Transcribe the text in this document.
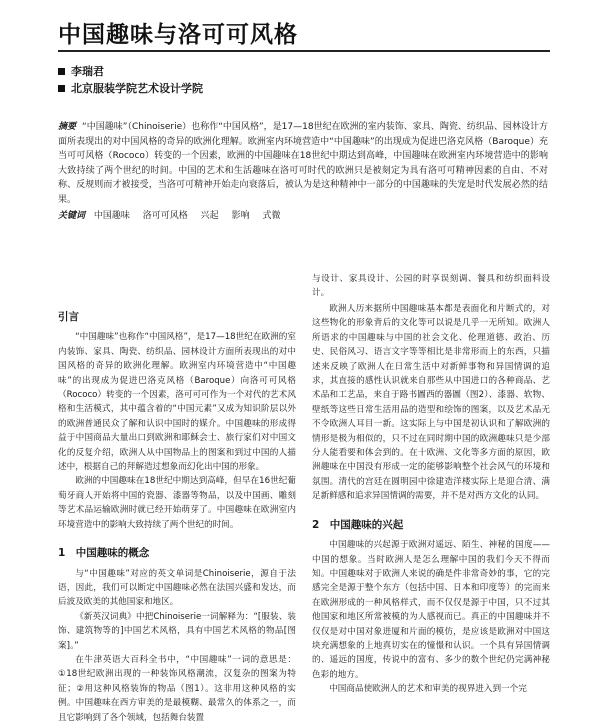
中国趣味与洛可可风格
李瑞君
北京服装学院艺术设计学院
摘要 “中国趣味”（Chinoiserie）也称作“中国风格”，是17—18世纪在欧洲的室内装饰、家具、陶瓷、纺织品、园林设计方面所表现出的对中国风格的奇异的欧洲化理解。欧洲室内环境营造中“中国趣味”的出现成为促进巴洛克风格（Baroque）充当可可风格（Rococo）转变的一个因素，欧洲的中国趣味在18世纪中期达到高峰，中国趣味在欧洲室内环境营造中的影响大致持续了两个世纪的时间。中国的艺术和生活趣味在洛可可时代的欧洲只是被刻定为具有洛可可精神因素的自由、不对称、反规则而才被接受，当洛可可精神开始走向衰落后，被认为是这种精神中一部分的中国趣味的失宠是时代发展必然的结果。
关键词 中国趣味 洛可可风格 兴起 影响 式微
引言

“中国趣味”也称作“中国风格”，是17—18世纪在欧洲的室内装饰、家具、陶瓷、纺织品、园林设计方面所表现出的对中国风格的奇异的欧洲化理解。欧洲室内环境营造中“中国趣味”的出现成为促进巴洛克风格（Baroque）向洛可可风格（Rococo）转变的一个因素，洛可可可作为一个对代的艺术风格和生活模式，其中蕴含着的“中国元素”又成为知识阶层以外的欧洲普通民众了解和认识中国时的媒介。中国趣味的形成得益于中国商品大量出口到欧洲和耶稣会士、旅行家们对中国文化的反复介绍，欧洲人从中国物品上的图案和到过中国的人描述中，根据自己的拜解造过想象而幻化出中国的形象。

欧洲的中国趣味在18世纪中期达到高峰，但早在16世纪葡萄牙商人开始将中国的瓷器、漆器等物品，以及中国画、雕刻等艺术品运输欧洲时就已经开始萌芽了。中国趣味在欧洲室内环境营造中的影响大致持续了两个世纪的时间。

1　中国趣味的概念

与“中国趣味”对应的英文单词是Chinoiserie，源自于法语，因此，我们可以断定中国趣味必然在法国兴盛和发达，而后波及欧美的其他国家和地区。

《新英汉词典》中把Chinoiserie一词解释为：“[服装、装饰、建筑物等的]中国艺术风格，具有中国艺术风格的物品[图案]。”

在牛津英语大百科全书中，“中国趣味”一词的意思是：①18世纪欧洲出现的一种装饰风格潮流，汉复杂的图案为特征；②用这种风格装饰的物品（图1）。这非用这种风格的实例。中国趣味在西方审美的是最模糊、最常久的体系之一，而且它影响到了各个领域，包括舞台装置

与设计、家具设计、公园的时享误刻调、餐具和纺织面料设计。

欧洲人历来据所中国趣味基本都是表面化和片断式的，对这些物化的形象背后的文化等可以说是几乎一无所知。欧洲人所语求的中国趣味与中国的社会文化、伦理道德、政治、历史、民俗风习、语言文字等等相比是非常形而上的东西，只描述来反映了欧洲人在日常生活中对新鲜事物和异国情调的追求，其直接的感性认识就来自那些从中国进口的各种商品、艺术品和工艺品，来自于路书圖西的器圖（图2）、漆器、软物、壁纸等这些日常生活用品的造型和绘饰的图案，以及艺术品无不令欧洲人耳目一新。这实际上与中国是初认识和了解欧洲的情形是极为相似的，只不过在同时期中国的欧洲趣味只是少部分人能看要和体会到的。在十欧洲、文化等多方面的原因，欧洲趣味在中国没有形成一定的能够影响整个社会风气的环境和氛围。清代的宫廷在圆明园中徐建造洋楼实际上是迎合清、满足新鲜感和追求异国情调的需要，并不是对西方文化的认同。

2　中国趣味的兴起

中国趣味的兴起源于欧洲对遥远、陌生、神秘的国度——中国的想象。当时欧洲人是怎么理解中国的我们今天不得而知。中国趣味对于欧洲人来说的确是件非常奇妙的事，它的完感完全是源于整个东方（包括中国、日本和印度等）的完而来在欧洲形成的一种风格样式，而不仅仅是源于中国，只不过其他国家和地区所常被模的为人感视而已。真正的中国趣味并不仅仅是对中国对象进厦和片面的模仿，是应该是欧洲对中国这块充满想象的上地真切实在的憧憬和认识。一个具有异国情调的、遥远的国度，传说中的富有、多少的数个世纪仍完满神秘色彩的地方。

中国商品使欧洲人的艺术和审美的视界进入到一个完
